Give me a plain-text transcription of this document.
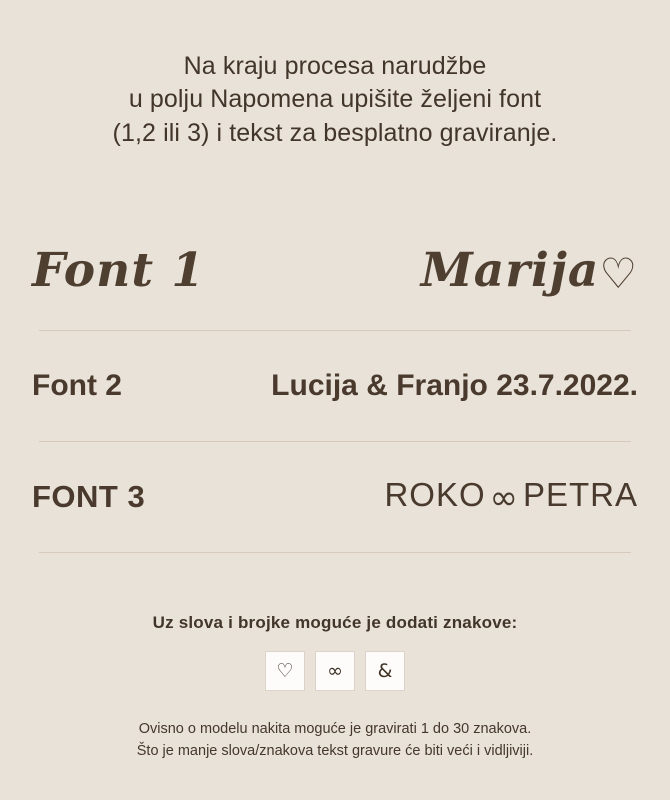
Na kraju procesa narudžbe
u polju Napomena upišite željeni font
(1,2 ili 3) i tekst za besplatno graviranje.
Font 1	Marija♡
Font 2	Lucija & Franjo 23.7.2022.
FONT 3	ROKO ∞ PETRA
Uz slova i brojke moguće je dodati znakove:
♡ ∞ &
Ovisno o modelu nakita moguće je gravirati 1 do 30 znakova.
Što je manje slova/znakova tekst gravure će biti veći i vidljiviji.
